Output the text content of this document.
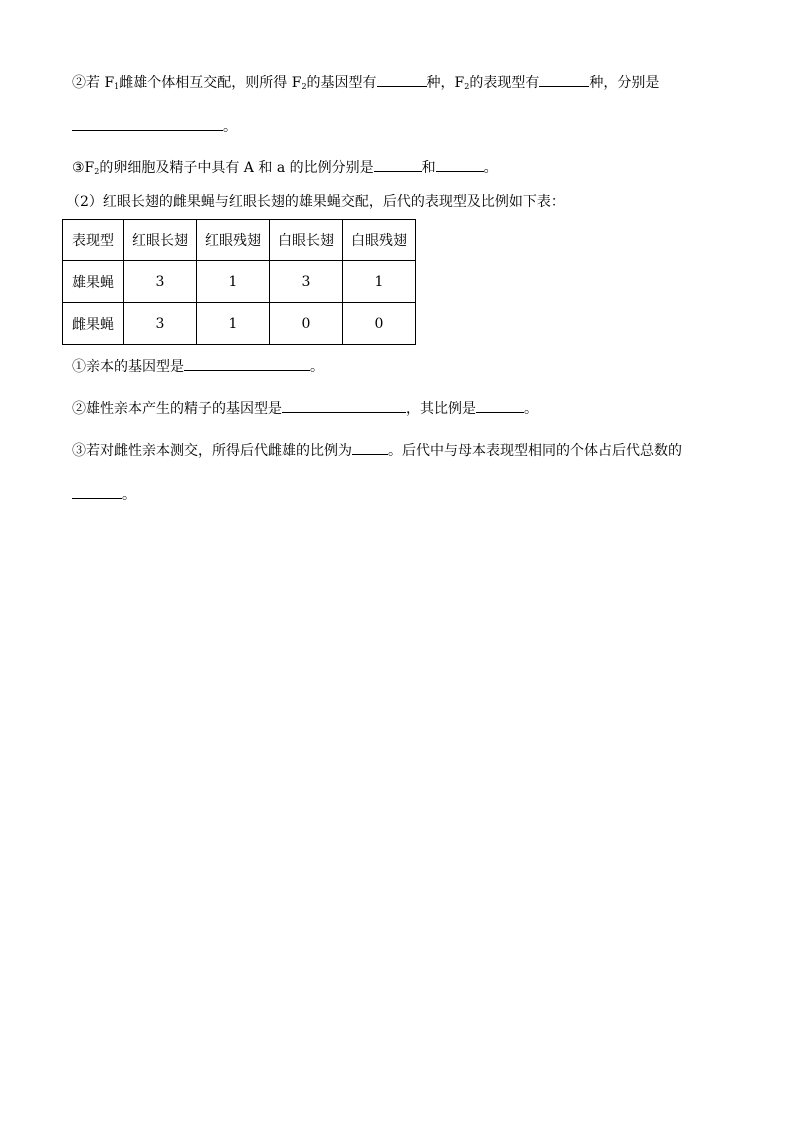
②若 $F_1$雌雄个体相互交配，则所得 $F_2$的基因型有	种，$F_2$的表现型有	种，分别是
。
$③F_2$的卵细胞及精子中具有 A 和 a 的比例分别是	和	。
（2）红眼长翅的雌果蝇与红眼长翅的雄果蝇交配，后代的表现型及比例如下表：
表现型	红眼长翅	红眼残翅	白眼长翅	白眼残翅
雄果蝇	3	1	3	1
雌果蝇	3	1	0	0
①亲本的基因型是	。
②雄性亲本产生的精子的基因型是	，其比例是	。
③若对雌性亲本测交，所得后代雌雄的比例为	。后代中与母本表现型相同的个体占后代总数的
。
